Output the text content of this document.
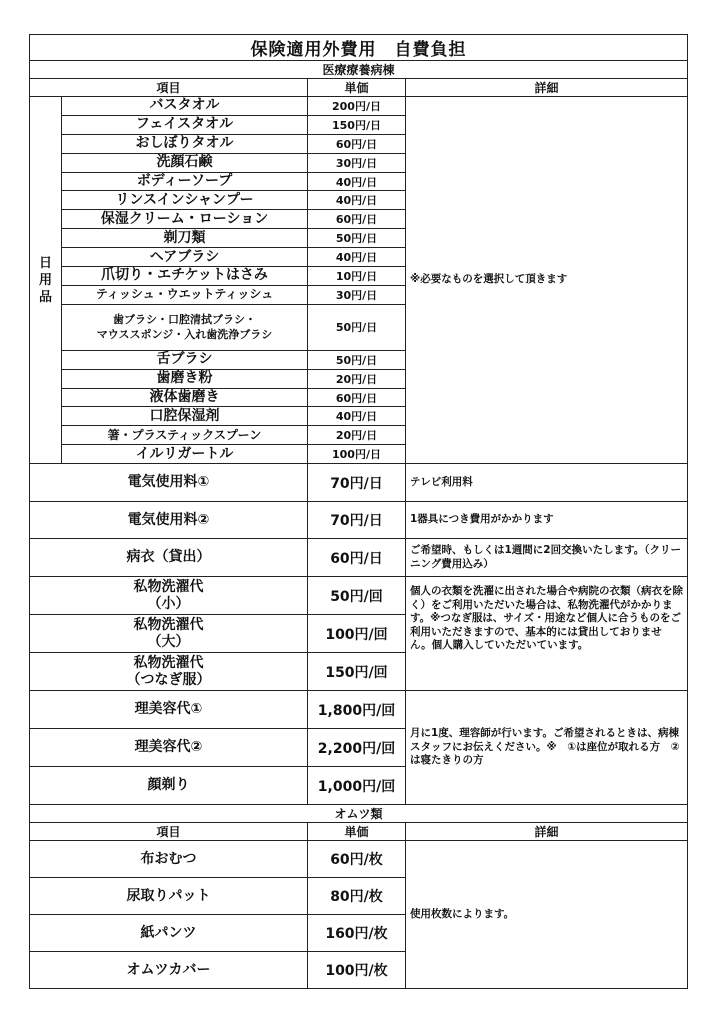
保険適用外費用　自費負担			
医療療養病棟			
項目		単価	詳細

日
用
品	バスタオル	200円/日	※必要なものを選択して頂きます
	フェイスタオル	150円/日	
	おしぼりタオル	60円/日	
	洗顔石鹸	30円/日	
	ボディーソープ	40円/日	
	リンスインシャンプー	40円/日	
	保湿クリーム・ローション	60円/日	
	剃刀類	50円/日	
	ヘアブラシ	40円/日	
	爪切り・エチケットはさみ	10円/日	
	ティッシュ・ウエットティッシュ	30円/日	

	歯ブラシ・口腔清拭ブラシ・
マウススポンジ・入れ歯洗浄ブラシ	50円/日	
	舌ブラシ	50円/日	
	歯磨き粉	20円/日	
	液体歯磨き	60円/日	
	口腔保湿剤	40円/日	
	箸・プラスティックスプーン	20円/日	
	イルリガートル	100円/日	
電気使用料①		70円/日	テレビ利用料
電気使用料②		70円/日	1器具につき費用がかかります
病衣（貸出）		60円/日	ご希望時、もしくは1週間に2回交換いたします。（クリーニング費用込み）

私物洗濯代
（小）		50円/回	個人の衣類を洗濯に出された場合や病院の衣類（病衣を除く）をご利用いただいた場合は、私物洗濯代がかかります。※つなぎ服は、サイズ・用途など個人に合うものをご利用いただきますので、基本的には貸出しておりません。個人購入していただいています。

私物洗濯代
（大）		100円/回	

私物洗濯代
（つなぎ服）		150円/回	
理美容代①		1,800円/回	月に1度、理容師が行います。ご希望されるときは、病棟スタッフにお伝えください。※　①は座位が取れる方　②は寝たきりの方
理美容代②		2,200円/回	
顔剃り		1,000円/回	
オムツ類			
項目		単価	詳細
布おむつ		60円/枚	使用枚数によります。
尿取りパット		80円/枚	
紙パンツ		160円/枚	
オムツカバー		100円/枚	
